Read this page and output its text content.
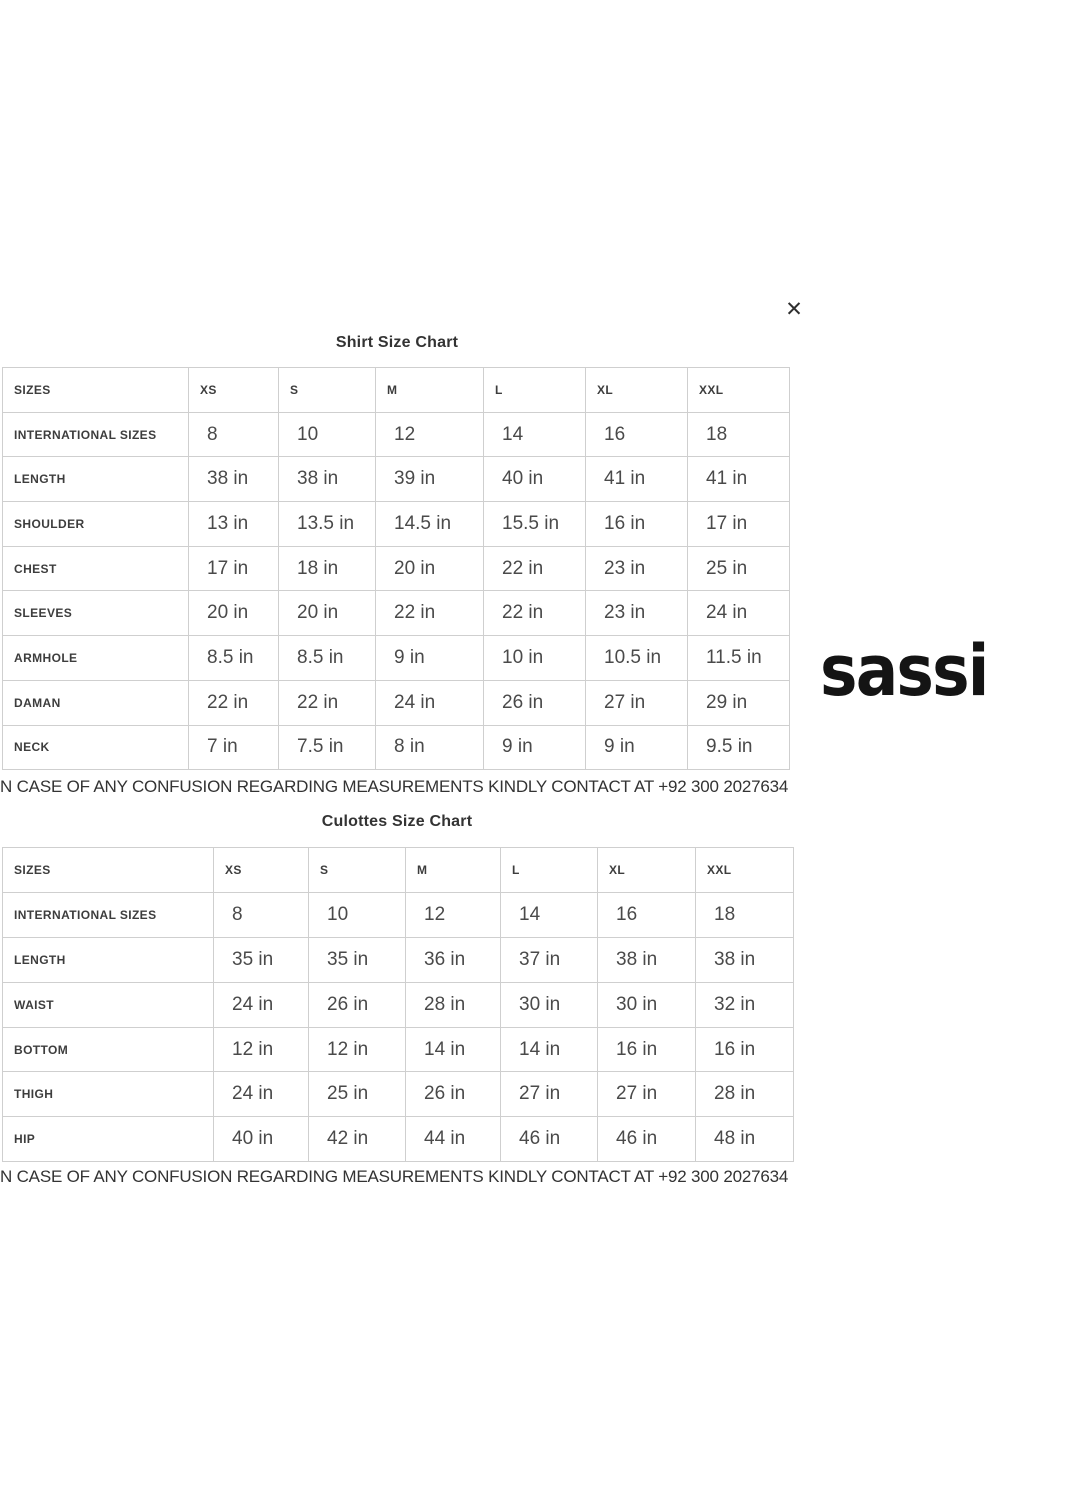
✕
Shirt Size Chart
SIZES	XS	S	M	L	XL	XXL
INTERNATIONAL SIZES	8	10	12	14	16	18
LENGTH	38 in	38 in	39 in	40 in	41 in	41 in
SHOULDER	13 in	13.5 in	14.5 in	15.5 in	16 in	17 in
CHEST	17 in	18 in	20 in	22 in	23 in	25 in
SLEEVES	20 in	20 in	22 in	22 in	23 in	24 in
ARMHOLE	8.5 in	8.5 in	9 in	10 in	10.5 in	11.5 in
DAMAN	22 in	22 in	24 in	26 in	27 in	29 in
NECK	7 in	7.5 in	8 in	9 in	9 in	9.5 in
N CASE OF ANY CONFUSION REGARDING MEASUREMENTS KINDLY CONTACT AT +92 300 2027634
Culottes Size Chart
SIZES	XS	S	M	L	XL	XXL
INTERNATIONAL SIZES	8	10	12	14	16	18
LENGTH	35 in	35 in	36 in	37 in	38 in	38 in
WAIST	24 in	26 in	28 in	30 in	30 in	32 in
BOTTOM	12 in	12 in	14 in	14 in	16 in	16 in
THIGH	24 in	25 in	26 in	27 in	27 in	28 in
HIP	40 in	42 in	44 in	46 in	46 in	48 in
N CASE OF ANY CONFUSION REGARDING MEASUREMENTS KINDLY CONTACT AT +92 300 2027634
sassi
